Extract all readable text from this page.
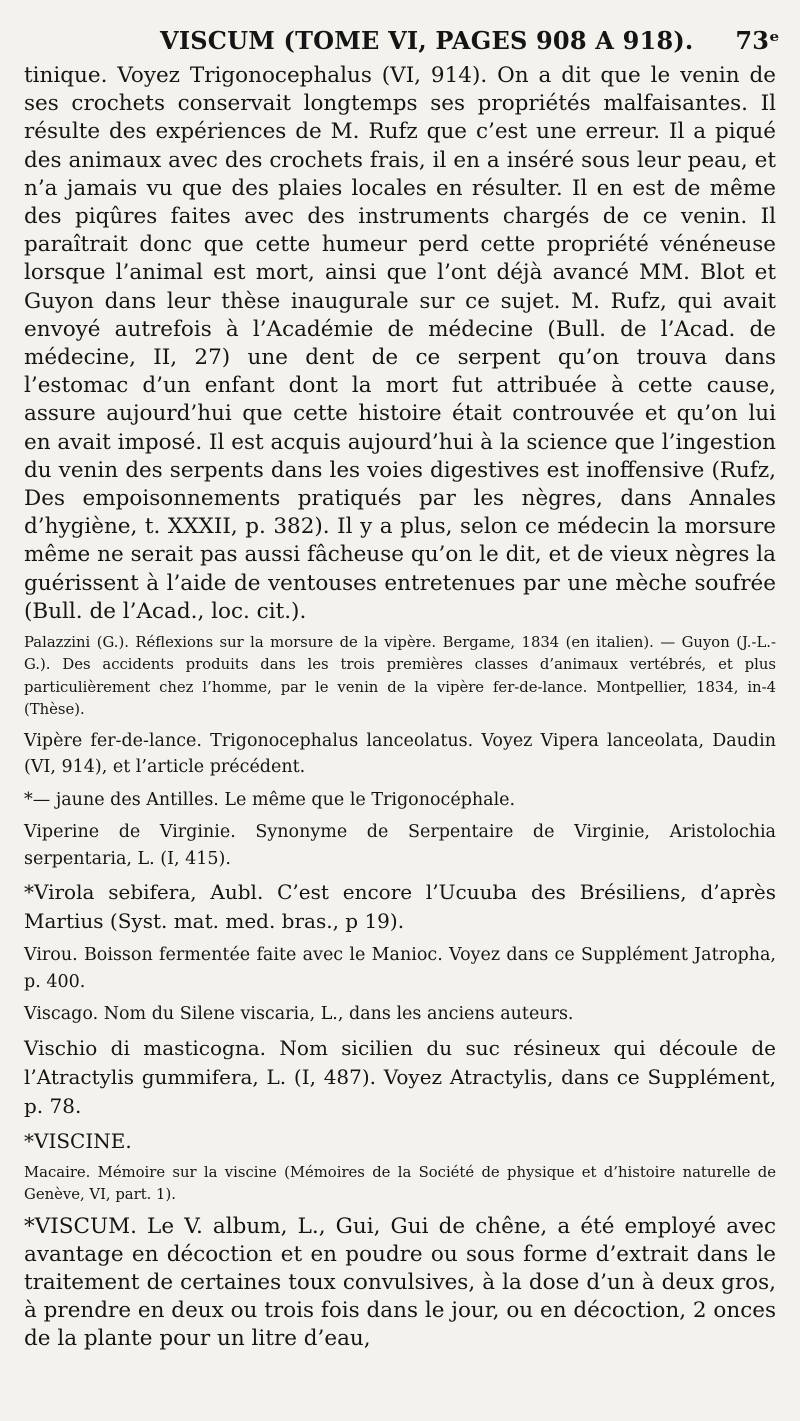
VISCUM (TOME VI, PAGES 908 A 918). 73ᵉ

tinique. Voyez Trigonocephalus (VI, 914). On a dit que le venin de ses crochets conservait longtemps ses propriétés malfaisantes. Il résulte des expériences de M. Rufz que c’est une erreur. Il a piqué des animaux avec des crochets frais, il en a inséré sous leur peau, et n’a jamais vu que des plaies locales en résulter. Il en est de même des piqûres faites avec des instruments chargés de ce venin. Il paraîtrait donc que cette humeur perd cette propriété vénéneuse lorsque l’animal est mort, ainsi que l’ont déjà avancé MM. Blot et Guyon dans leur thèse inaugurale sur ce sujet. M. Rufz, qui avait envoyé autrefois à l’Académie de médecine (Bull. de l’Acad. de médecine, II, 27) une dent de ce serpent qu’on trouva dans l’estomac d’un enfant dont la mort fut attribuée à cette cause, assure aujourd’hui que cette histoire était controuvée et qu’on lui en avait imposé. Il est acquis aujourd’hui à la science que l’ingestion du venin des serpents dans les voies digestives est inoffensive (Rufz, Des empoisonnements pratiqués par les nègres, dans Annales d’hygiène, t. XXXII, p. 382). Il y a plus, selon ce médecin la morsure même ne serait pas aussi fâcheuse qu’on le dit, et de vieux nègres la guérissent à l’aide de ventouses entretenues par une mèche soufrée (Bull. de l’Acad., loc. cit.).

Palazzini (G.). Réflexions sur la morsure de la vipère. Bergame, 1834 (en italien). — Guyon (J.-L.-G.). Des accidents produits dans les trois premières classes d’animaux vertébrés, et plus particulièrement chez l’homme, par le venin de la vipère fer-de-lance. Montpellier, 1834, in-4 (Thèse).

Vipère fer-de-lance. Trigonocephalus lanceolatus. Voyez Vipera lanceolata, Daudin (VI, 914), et l’article précédent.

*— jaune des Antilles. Le même que le Trigonocéphale.

Viperine de Virginie. Synonyme de Serpentaire de Virginie, Aristolochia serpentaria, L. (I, 415).

*Virola sebifera, Aubl. C’est encore l’Ucuuba des Brésiliens, d’après Martius (Syst. mat. med. bras., p 19).

Virou. Boisson fermentée faite avec le Manioc. Voyez dans ce Supplément Jatropha, p. 400.

Viscago. Nom du Silene viscaria, L., dans les anciens auteurs.

Vischio di masticogna. Nom sicilien du suc résineux qui découle de l’Atractylis gummifera, L. (I, 487). Voyez Atractylis, dans ce Supplément, p. 78.

*VISCINE.

Macaire. Mémoire sur la viscine (Mémoires de la Société de physique et d’histoire naturelle de Genève, VI, part. 1).

*VISCUM. Le V. album, L., Gui, Gui de chêne, a été employé avec avantage en décoction et en poudre ou sous forme d’extrait dans le traitement de certaines toux convulsives, à la dose d’un à deux gros, à prendre en deux ou trois fois dans le jour, ou en décoction, 2 onces de la plante pour un litre d’eau,
